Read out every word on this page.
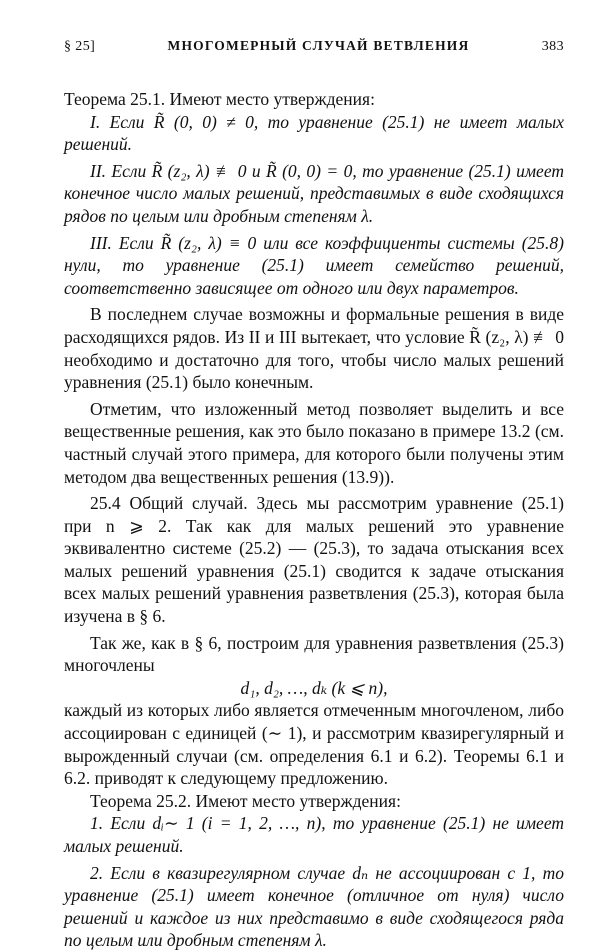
§ 25]	МНОГОМЕРНЫЙ СЛУЧАЙ ВЕТВЛЕНИЯ	383

Теорема 25.1. Имеют место утверждения:

I. Если R̃ (0, 0) ≠ 0, то уравнение (25.1) не имеет малых решений.

II. Если R̃ (z₂, λ) ≢ 0 и R̃ (0, 0) = 0, то уравнение (25.1) имеет конечное число малых решений, представимых в виде сходящихся рядов по целым или дробным степеням λ.

III. Если R̃ (z₂, λ) ≡ 0 или все коэффициенты системы (25.8) нули, то уравнение (25.1) имеет семейство решений, соответственно зависящее от одного или двух параметров.

В последнем случае возможны и формальные решения в виде расходящихся рядов. Из II и III вытекает, что условие R̃ (z₂, λ) ≢ 0 необходимо и достаточно для того, чтобы число малых решений уравнения (25.1) было конечным.

Отметим, что изложенный метод позволяет выделить и все вещественные решения, как это было показано в примере 13.2 (см. частный случай этого примера, для которого были получены этим методом два вещественных решения (13.9)).

25.4 Общий случай. Здесь мы рассмотрим уравнение (25.1) при n ⩾ 2. Так как для малых решений это уравнение эквивалентно системе (25.2) — (25.3), то задача отыскания всех малых решений уравнения (25.1) сводится к задаче отыскания всех малых решений уравнения разветвления (25.3), которая была изучена в § 6.

Так же, как в § 6, построим для уравнения разветвления (25.3) многочлены

d₁, d₂, …, dₖ (k ⩽ n),

каждый из которых либо является отмеченным многочленом, либо ассоциирован с единицей (∼ 1), и рассмотрим квазирегулярный и вырожденный случаи (см. определения 6.1 и 6.2). Теоремы 6.1 и 6.2. приводят к следующему предложению.

Теорема 25.2. Имеют место утверждения:

1. Если dᵢ∼ 1 (i = 1, 2, …, n), то уравнение (25.1) не имеет малых решений.

2. Если в квазирегулярном случае dₙ не ассоциирован с 1, то уравнение (25.1) имеет конечное (отличное от нуля) число решений и каждое из них представимо в виде сходящегося ряда по целым или дробным степеням λ.
